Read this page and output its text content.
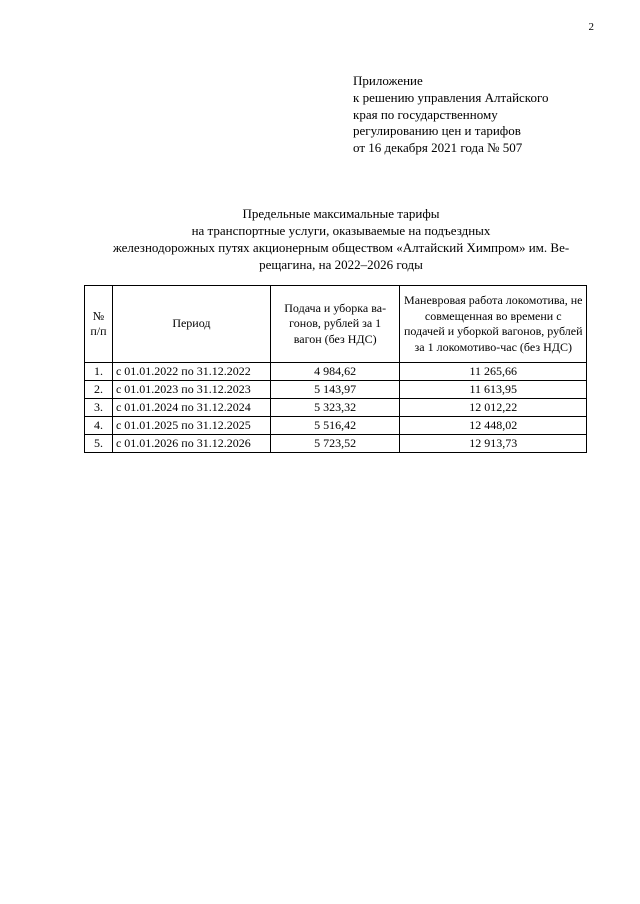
2
Приложение
к решению управления Алтайского
края по государственному
регулированию цен и тарифов
от 16 декабря 2021 года № 507
Предельные максимальные тарифы
на транспортные услуги, оказываемые на подъездных
железнодорожных путях акционерным обществом «Алтайский Химпром» им. Ве-
рещагина, на 2022–2026 годы
№ п/п	Период	Подача и уборка ва-гонов, рублей за 1 вагон (без НДС)	Маневровая работа локомотива, не совмещенная во времени с подачей и уборкой вагонов, рублей за 1 локомотиво-час (без НДС)
1.	с 01.01.2022 по 31.12.2022	4 984,62	11 265,66
2.	с 01.01.2023 по 31.12.2023	5 143,97	11 613,95
3.	с 01.01.2024 по 31.12.2024	5 323,32	12 012,22
4.	с 01.01.2025 по 31.12.2025	5 516,42	12 448,02
5.	с 01.01.2026 по 31.12.2026	5 723,52	12 913,73
